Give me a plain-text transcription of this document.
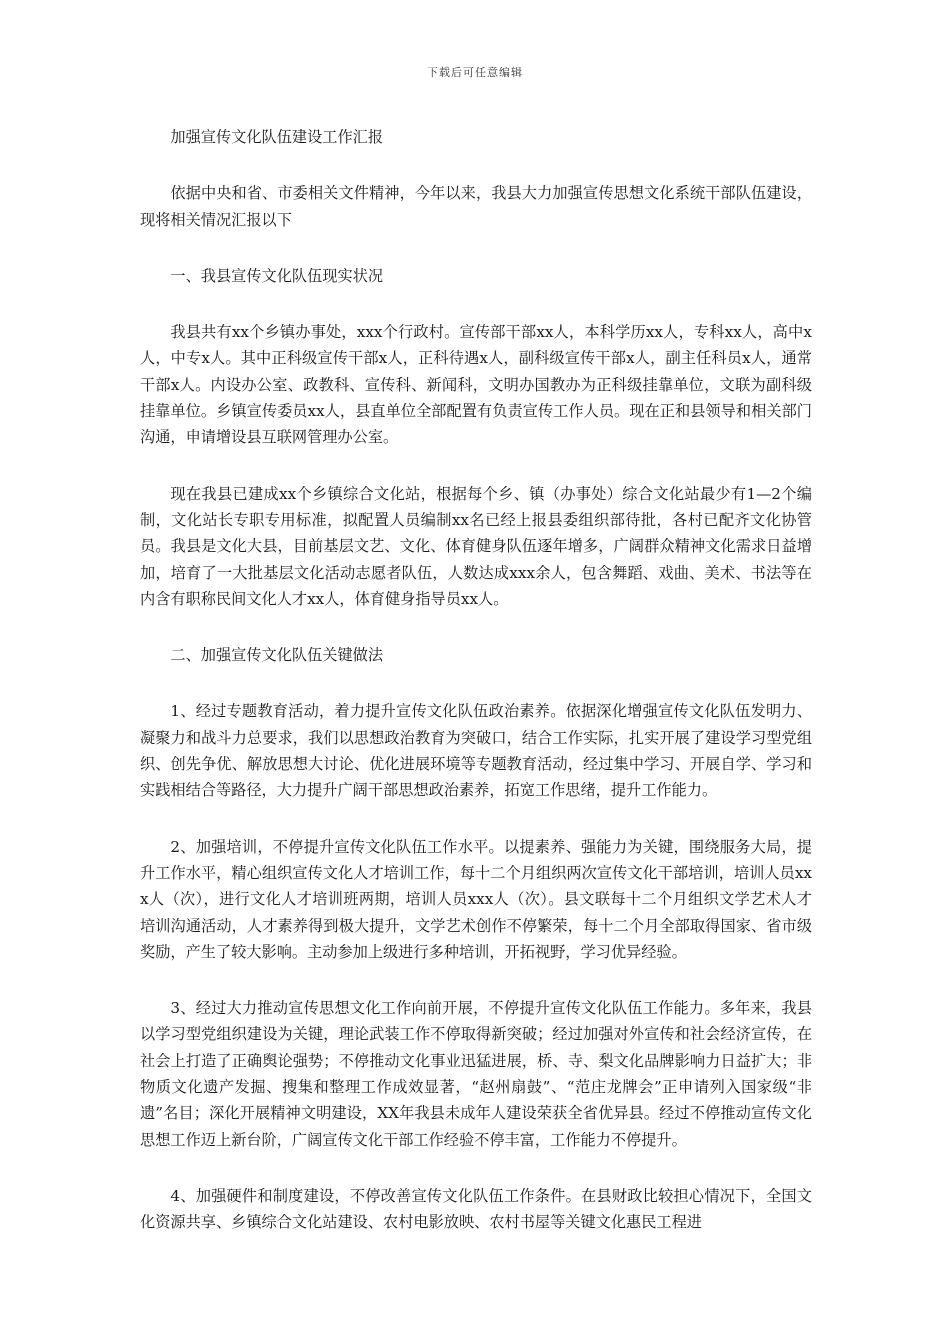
下载后可任意编辑

加强宣传文化队伍建设工作汇报

依据中央和省、市委相关文件精神，今年以来，我县大力加强宣传思想文化系统干部队伍建设，现将相关情况汇报以下

一、我县宣传文化队伍现实状况

我县共有xx个乡镇办事处，xxx个行政村。宣传部干部xx人，本科学历xx人，专科xx人，高中x人，中专x人。其中正科级宣传干部x人，正科待遇x人，副科级宣传干部x人，副主任科员x人，通常干部x人。内设办公室、政教科、宣传科、新闻科，文明办国教办为正科级挂靠单位，文联为副科级挂靠单位。乡镇宣传委员xx人，县直单位全部配置有负责宣传工作人员。现在正和县领导和相关部门沟通，申请增设县互联网管理办公室。

现在我县已建成xx个乡镇综合文化站，根据每个乡、镇（办事处）综合文化站最少有1—2个编制，文化站长专职专用标准，拟配置人员编制xx名已经上报县委组织部待批，各村已配齐文化协管员。我县是文化大县，目前基层文艺、文化、体育健身队伍逐年增多，广阔群众精神文化需求日益增加，培育了一大批基层文化活动志愿者队伍，人数达成xxx余人，包含舞蹈、戏曲、美术、书法等在内含有职称民间文化人才xx人，体育健身指导员xx人。

二、加强宣传文化队伍关键做法

1、经过专题教育活动，着力提升宣传文化队伍政治素养。依据深化增强宣传文化队伍发明力、凝聚力和战斗力总要求，我们以思想政治教育为突破口，结合工作实际，扎实开展了建设学习型党组织、创先争优、解放思想大讨论、优化进展环境等专题教育活动，经过集中学习、开展自学、学习和实践相结合等路径，大力提升广阔干部思想政治素养，拓宽工作思绪，提升工作能力。

2、加强培训，不停提升宣传文化队伍工作水平。以提素养、强能力为关键，围绕服务大局，提升工作水平，精心组织宣传文化人才培训工作，每十二个月组织两次宣传文化干部培训，培训人员xxx人（次），进行文化人才培训班两期，培训人员xxx人（次）。县文联每十二个月组织文学艺术人才培训沟通活动，人才素养得到极大提升，文学艺术创作不停繁荣，每十二个月全部取得国家、省市级奖励，产生了较大影响。主动参加上级进行多种培训，开拓视野，学习优异经验。

3、经过大力推动宣传思想文化工作向前开展，不停提升宣传文化队伍工作能力。多年来，我县以学习型党组织建设为关键，理论武装工作不停取得新突破；经过加强对外宣传和社会经济宣传，在社会上打造了正确舆论强势；不停推动文化事业迅猛进展，桥、寺、梨文化品牌影响力日益扩大；非物质文化遗产发掘、搜集和整理工作成效显著，“赵州扇鼓”、“范庄龙牌会”正申请列入国家级“非遗”名目；深化开展精神文明建设，XX年我县未成年人建设荣获全省优异县。经过不停推动宣传文化思想工作迈上新台阶，广阔宣传文化干部工作经验不停丰富，工作能力不停提升。

4、加强硬件和制度建设，不停改善宣传文化队伍工作条件。在县财政比较担心情况下，全国文化资源共享、乡镇综合文化站建设、农村电影放映、农村书屋等关键文化惠民工程进
